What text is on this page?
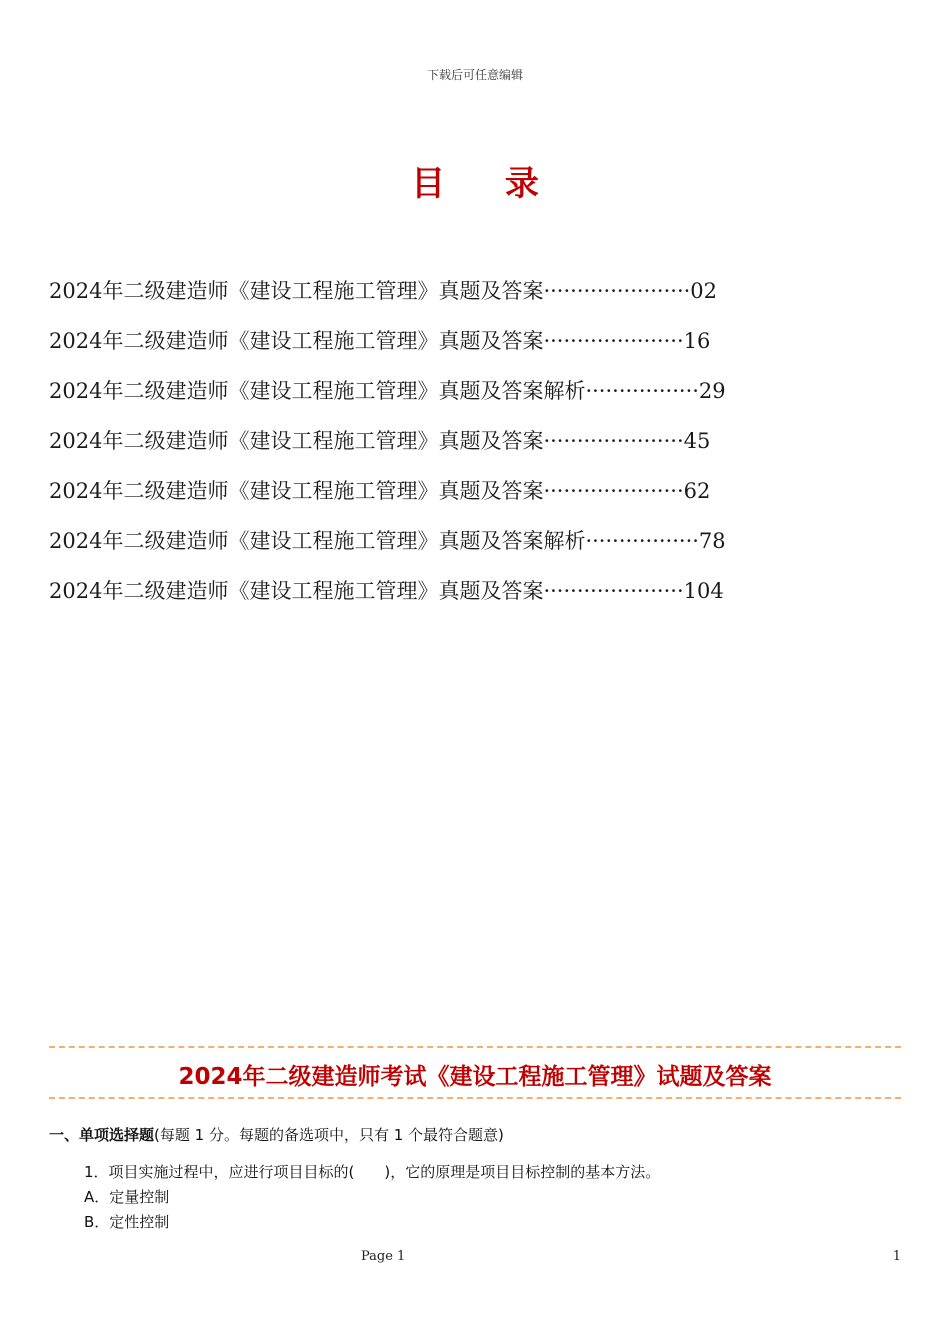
下载后可任意编辑
目 录
2024年二级建造师《建设工程施工管理》真题及答案······················02
2024年二级建造师《建设工程施工管理》真题及答案·····················16
2024年二级建造师《建设工程施工管理》真题及答案解析·················29
2024年二级建造师《建设工程施工管理》真题及答案·····················45
2024年二级建造师《建设工程施工管理》真题及答案·····················62
2024年二级建造师《建设工程施工管理》真题及答案解析·················78
2024年二级建造师《建设工程施工管理》真题及答案·····················104
2024年二级建造师考试《建设工程施工管理》试题及答案
一、单项选择题(每题 1 分。每题的备选项中，只有 1 个最符合题意)
1．项目实施过程中，应进行项目目标的(　　)，它的原理是项目目标控制的基本方法。
A．定量控制
B．定性控制
Page 1	1
